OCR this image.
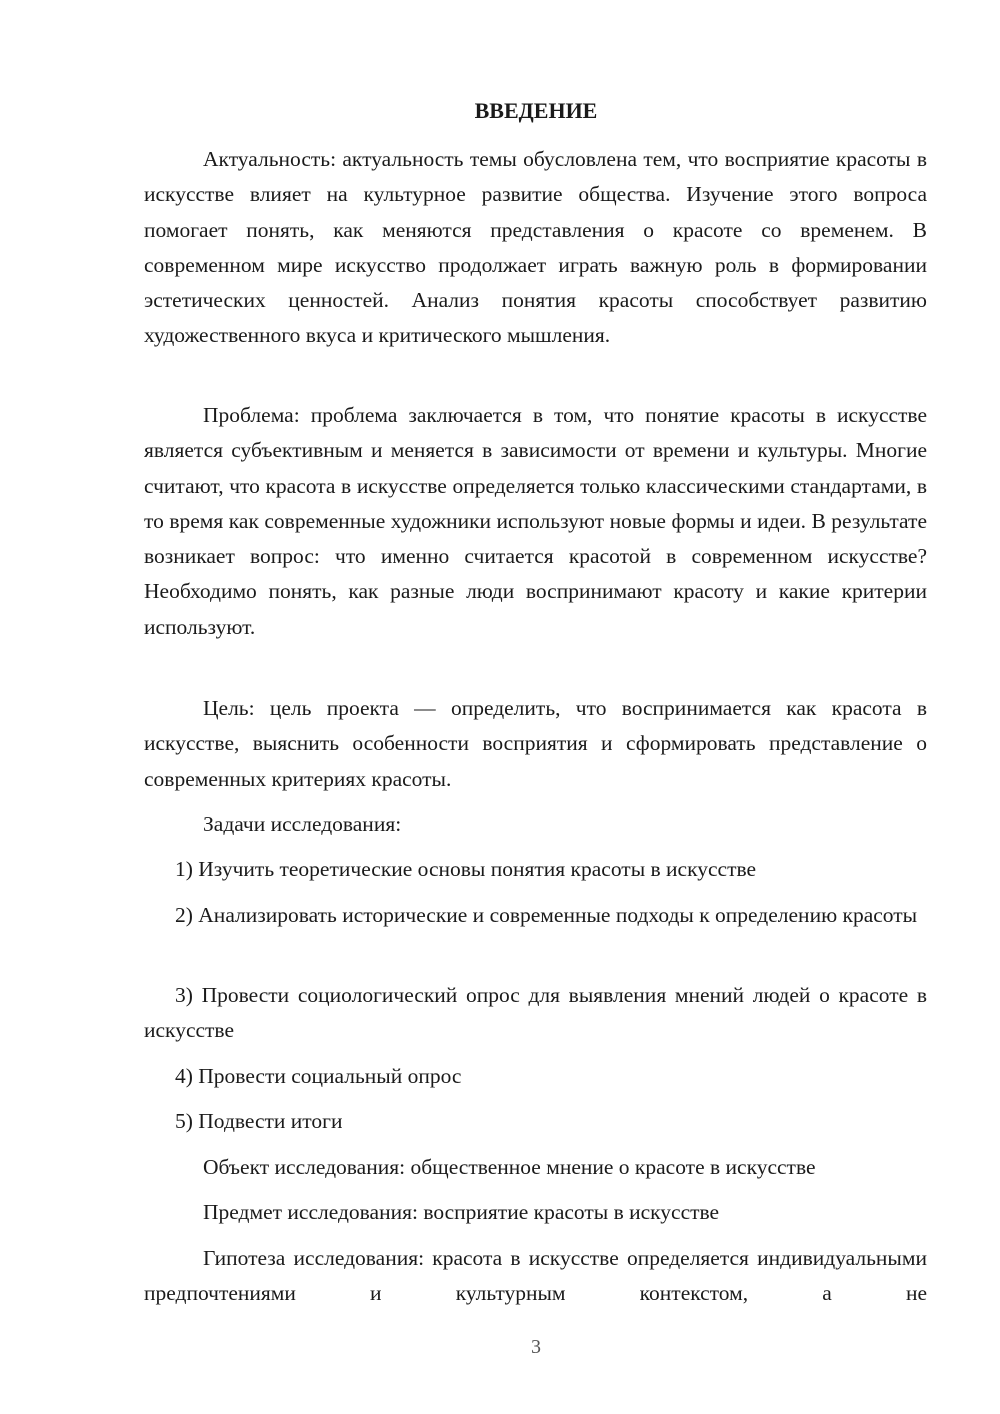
ВВЕДЕНИЕ

Актуальность: актуальность темы обусловлена тем, что восприятие красоты в искусстве влияет на культурное развитие общества. Изучение этого вопроса помогает понять, как меняются представления о красоте со временем. В современном мире искусство продолжает играть важную роль в формировании эстетических ценностей. Анализ понятия красоты способствует развитию художественного вкуса и критического мышления.

Проблема: проблема заключается в том, что понятие красоты в искусстве является субъективным и меняется в зависимости от времени и культуры. Многие считают, что красота в искусстве определяется только классическими стандартами, в то время как современные художники используют новые формы и идеи. В результате возникает вопрос: что именно считается красотой в современном искусстве? Необходимо понять, как разные люди воспринимают красоту и какие критерии используют.

Цель: цель проекта — определить, что воспринимается как красота в искусстве, выяснить особенности восприятия и сформировать представление о современных критериях красоты.

Задачи исследования:

1) Изучить теоретические основы понятия красоты в искусстве

2) Анализировать исторические и современные подходы к определению красоты

3) Провести социологический опрос для выявления мнений людей о красоте в искусстве

4) Провести социальный опрос

5) Подвести итоги

Объект исследования: общественное мнение о красоте в искусстве

Предмет исследования: восприятие красоты в искусстве

Гипотеза исследования: красота в искусстве определяется индивидуальными предпочтениями и культурным контекстом, а не

3
